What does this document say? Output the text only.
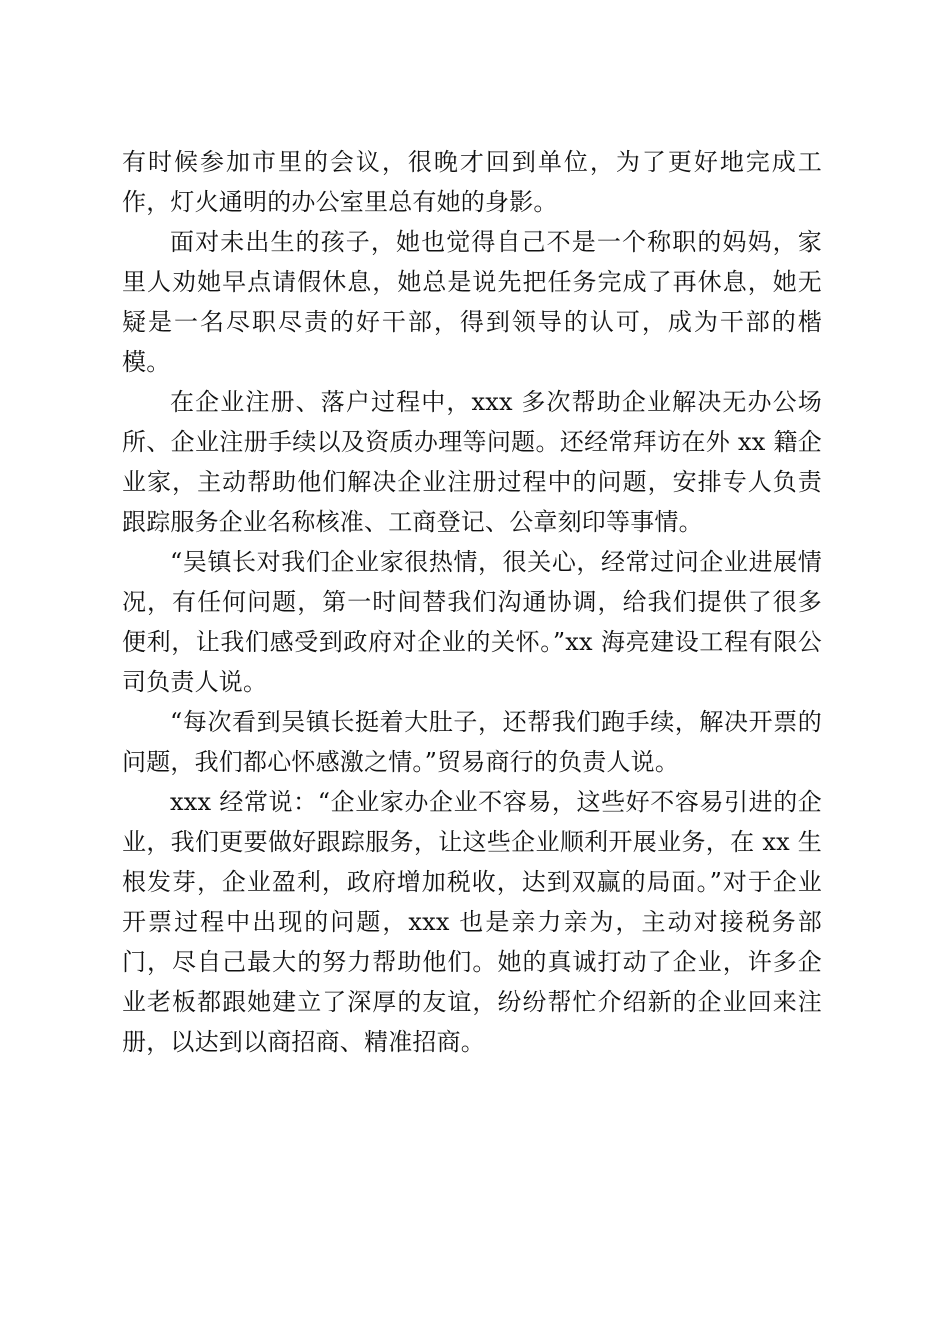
有时候参加市里的会议，很晚才回到单位，为了更好地完成工作，灯火通明的办公室里总有她的身影。

面对未出生的孩子，她也觉得自己不是一个称职的妈妈，家里人劝她早点请假休息，她总是说先把任务完成了再休息，她无疑是一名尽职尽责的好干部，得到领导的认可，成为干部的楷模。

在企业注册、落户过程中，xxx 多次帮助企业解决无办公场所、企业注册手续以及资质办理等问题。还经常拜访在外 xx 籍企业家，主动帮助他们解决企业注册过程中的问题，安排专人负责跟踪服务企业名称核准、工商登记、公章刻印等事情。

“吴镇长对我们企业家很热情，很关心，经常过问企业进展情况，有任何问题，第一时间替我们沟通协调，给我们提供了很多便利，让我们感受到政府对企业的关怀。”xx 海亮建设工程有限公司负责人说。

“每次看到吴镇长挺着大肚子，还帮我们跑手续，解决开票的问题，我们都心怀感激之情。”贸易商行的负责人说。

xxx 经常说：“企业家办企业不容易，这些好不容易引进的企业，我们更要做好跟踪服务，让这些企业顺利开展业务，在 xx 生根发芽，企业盈利，政府增加税收，达到双赢的局面。”对于企业开票过程中出现的问题，xxx 也是亲力亲为，主动对接税务部门，尽自己最大的努力帮助他们。她的真诚打动了企业，许多企业老板都跟她建立了深厚的友谊，纷纷帮忙介绍新的企业回来注册，以达到以商招商、精准招商。
